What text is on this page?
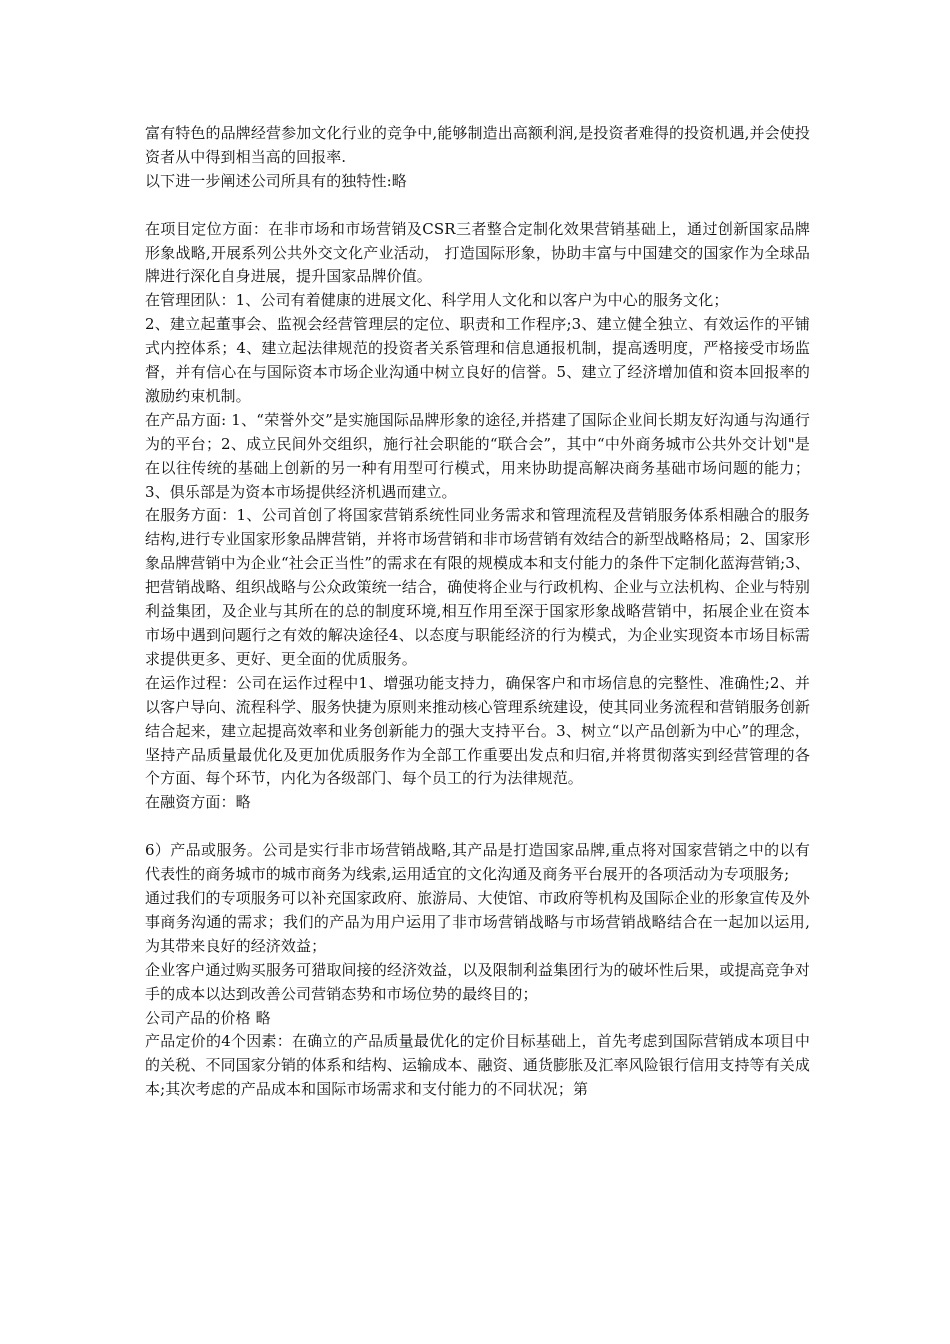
富有特色的品牌经营参加文化行业的竞争中,能够制造出高额利润,是投资者难得的投资机遇,并会使投资者从中得到相当高的回报率.

以下进一步阐述公司所具有的独特性:略

在项目定位方面：在非市场和市场营销及CSR三者整合定制化效果营销基础上，通过创新国家品牌形象战略,开展系列公共外交文化产业活动， 打造国际形象，协助丰富与中国建交的国家作为全球品牌进行深化自身进展，提升国家品牌价值。

在管理团队：1、公司有着健康的进展文化、科学用人文化和以客户为中心的服务文化；

2、建立起董事会、监视会经营管理层的定位、职责和工作程序;3、建立健全独立、有效运作的平铺式内控体系；4、建立起法律规范的投资者关系管理和信息通报机制，提高透明度，严格接受市场监督，并有信心在与国际资本市场企业沟通中树立良好的信誉。5、建立了经济增加值和资本回报率的激励约束机制。

在产品方面: 1、“荣誉外交”是实施国际品牌形象的途径,并搭建了国际企业间长期友好沟通与沟通行为的平台；2、成立民间外交组织，施行社会职能的“联合会”，其中“中外商务城市公共外交计划"是在以往传统的基础上创新的另一种有用型可行模式，用来协助提高解决商务基础市场问题的能力；3、俱乐部是为资本市场提供经济机遇而建立。

在服务方面：1、公司首创了将国家营销系统性同业务需求和管理流程及营销服务体系相融合的服务结构,进行专业国家形象品牌营销，并将市场营销和非市场营销有效结合的新型战略格局；2、国家形象品牌营销中为企业“社会正当性”的需求在有限的规模成本和支付能力的条件下定制化蓝海营销;3、把营销战略、组织战略与公众政策统一结合，确使将企业与行政机构、企业与立法机构、企业与特别利益集团，及企业与其所在的总的制度环境,相互作用至深于国家形象战略营销中，拓展企业在资本市场中遇到问题行之有效的解决途径4、以态度与职能经济的行为模式，为企业实现资本市场目标需求提供更多、更好、更全面的优质服务。

在运作过程：公司在运作过程中1、增强功能支持力，确保客户和市场信息的完整性、准确性;2、并以客户导向、流程科学、服务快捷为原则来推动核心管理系统建设，使其同业务流程和营销服务创新结合起来，建立起提高效率和业务创新能力的强大支持平台。3、树立“以产品创新为中心”的理念，坚持产品质量最优化及更加优质服务作为全部工作重要出发点和归宿,并将贯彻落实到经营管理的各个方面、每个环节，内化为各级部门、每个员工的行为法律规范。

在融资方面：略

6）产品或服务。公司是实行非市场营销战略,其产品是打造国家品牌,重点将对国家营销之中的以有代表性的商务城市的城市商务为线索,运用适宜的文化沟通及商务平台展开的各项活动为专项服务;

通过我们的专项服务可以补充国家政府、旅游局、大使馆、市政府等机构及国际企业的形象宣传及外事商务沟通的需求；我们的产品为用户运用了非市场营销战略与市场营销战略结合在一起加以运用,为其带来良好的经济效益；

企业客户通过购买服务可猎取间接的经济效益，以及限制利益集团行为的破坏性后果，或提高竞争对手的成本以达到改善公司营销态势和市场位势的最终目的；

公司产品的价格 略

产品定价的4个因素：在确立的产品质量最优化的定价目标基础上，首先考虑到国际营销成本项目中的关税、不同国家分销的体系和结构、运输成本、融资、通货膨胀及汇率风险银行信用支持等有关成本;其次考虑的产品成本和国际市场需求和支付能力的不同状况；第
